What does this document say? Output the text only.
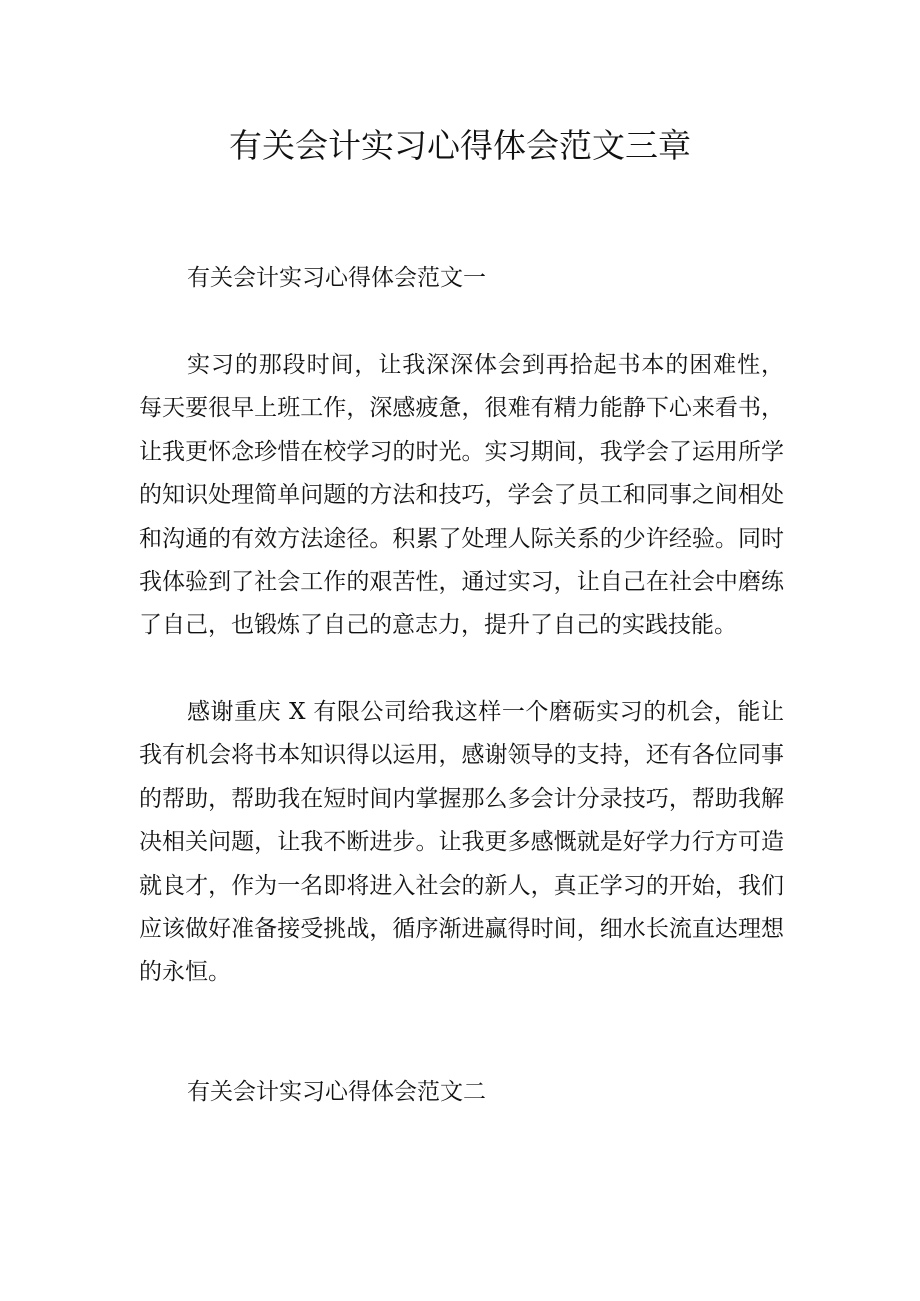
有关会计实习心得体会范文三章
有关会计实习心得体会范文一

实习的那段时间，让我深深体会到再拾起书本的困难性，每天要很早上班工作，深感疲惫，很难有精力能静下心来看书，让我更怀念珍惜在校学习的时光。实习期间，我学会了运用所学的知识处理简单问题的方法和技巧，学会了员工和同事之间相处和沟通的有效方法途径。积累了处理人际关系的少许经验。同时我体验到了社会工作的艰苦性，通过实习，让自己在社会中磨练了自己，也锻炼了自己的意志力，提升了自己的实践技能。

感谢重庆 X 有限公司给我这样一个磨砺实习的机会，能让我有机会将书本知识得以运用，感谢领导的支持，还有各位同事的帮助，帮助我在短时间内掌握那么多会计分录技巧，帮助我解决相关问题，让我不断进步。让我更多感慨就是好学力行方可造就良才，作为一名即将进入社会的新人，真正学习的开始，我们应该做好准备接受挑战，循序渐进赢得时间，细水长流直达理想的永恒。

有关会计实习心得体会范文二
